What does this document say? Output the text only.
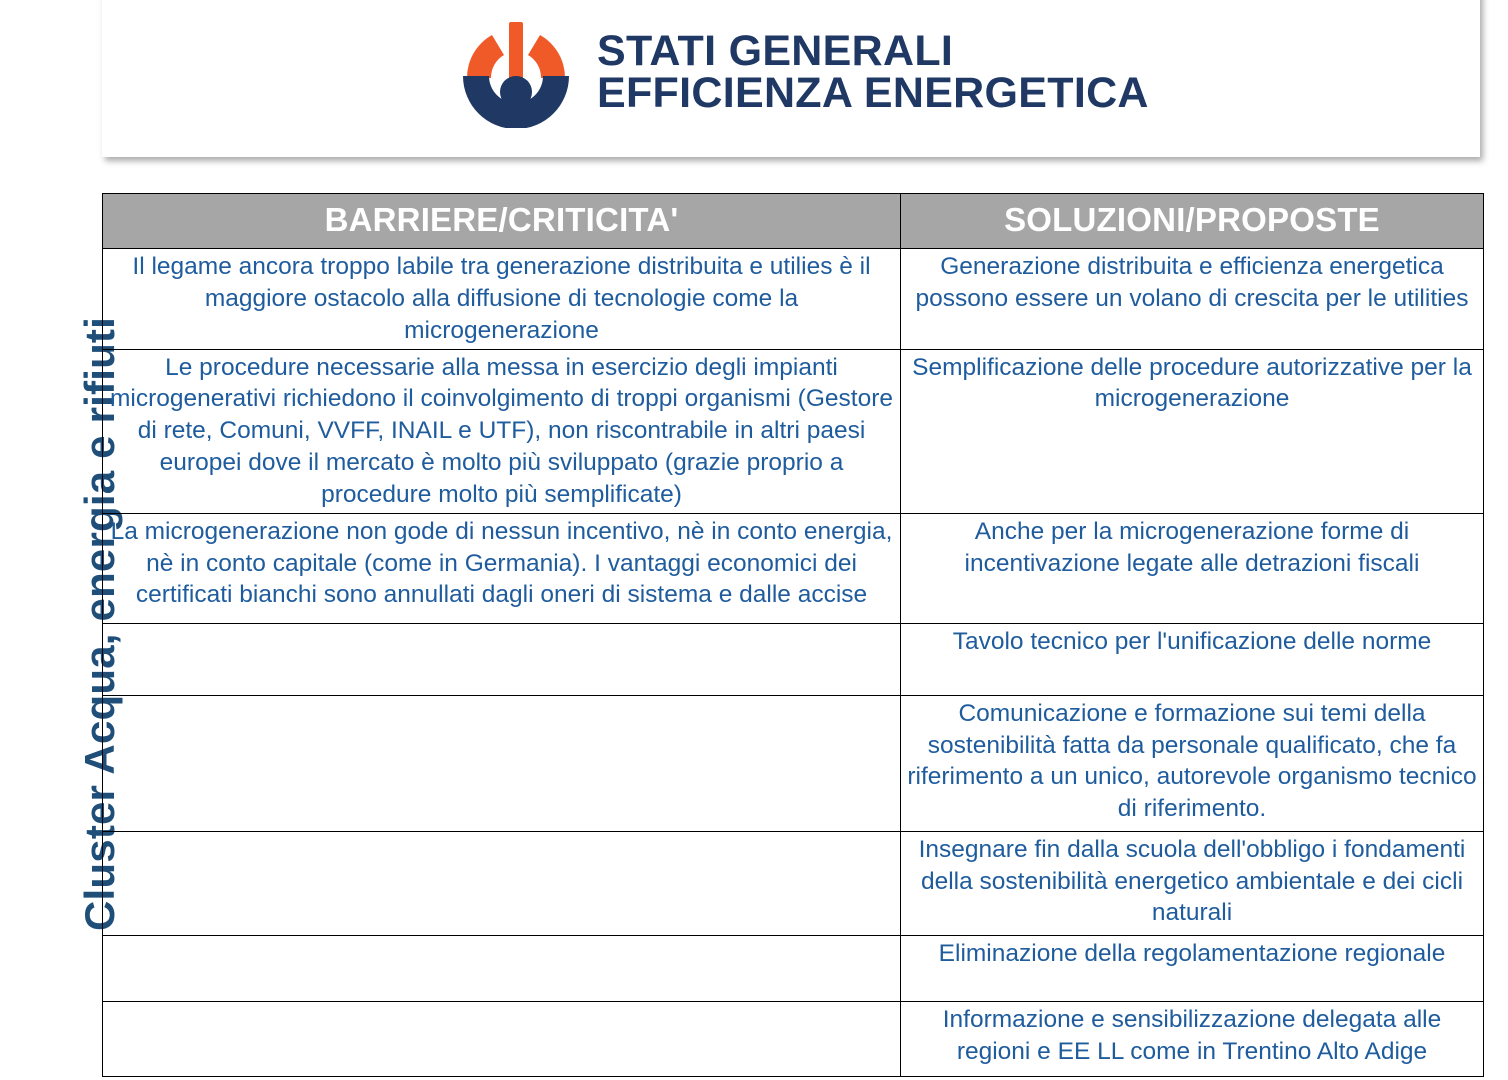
STATI GENERALI
EFFICIENZA ENERGETICA
Cluster Acqua, energia e rifiuti
BARRIERE/CRITICITA'	SOLUZIONI/PROPOSTE
Il legame ancora troppo labile tra generazione distribuita e utilies è il maggiore ostacolo alla diffusione di tecnologie come la microgenerazione	Generazione distribuita e efficienza energetica possono essere un volano di crescita per le utilities
Le procedure necessarie alla messa in esercizio degli impianti microgenerativi richiedono il coinvolgimento di troppi organismi (Gestore di rete, Comuni, VVFF, INAIL e UTF), non riscontrabile in altri paesi europei dove il mercato è molto più sviluppato (grazie proprio a procedure molto più semplificate)	Semplificazione delle procedure autorizzative per la microgenerazione
La microgenerazione non gode di nessun incentivo, nè in conto energia, nè in conto capitale (come in Germania). I vantaggi economici dei certificati bianchi sono annullati dagli oneri di sistema e dalle accise	Anche per la microgenerazione forme di incentivazione legate alle detrazioni fiscali
	Tavolo tecnico per l'unificazione delle norme
	Comunicazione e formazione sui temi della sostenibilità fatta da personale qualificato, che fa riferimento a un unico, autorevole organismo tecnico di riferimento.
	Insegnare fin dalla scuola dell'obbligo i fondamenti della sostenibilità energetico ambientale e dei cicli naturali
	Eliminazione della regolamentazione regionale
	Informazione e sensibilizzazione delegata alle regioni e EE LL come in Trentino Alto Adige
